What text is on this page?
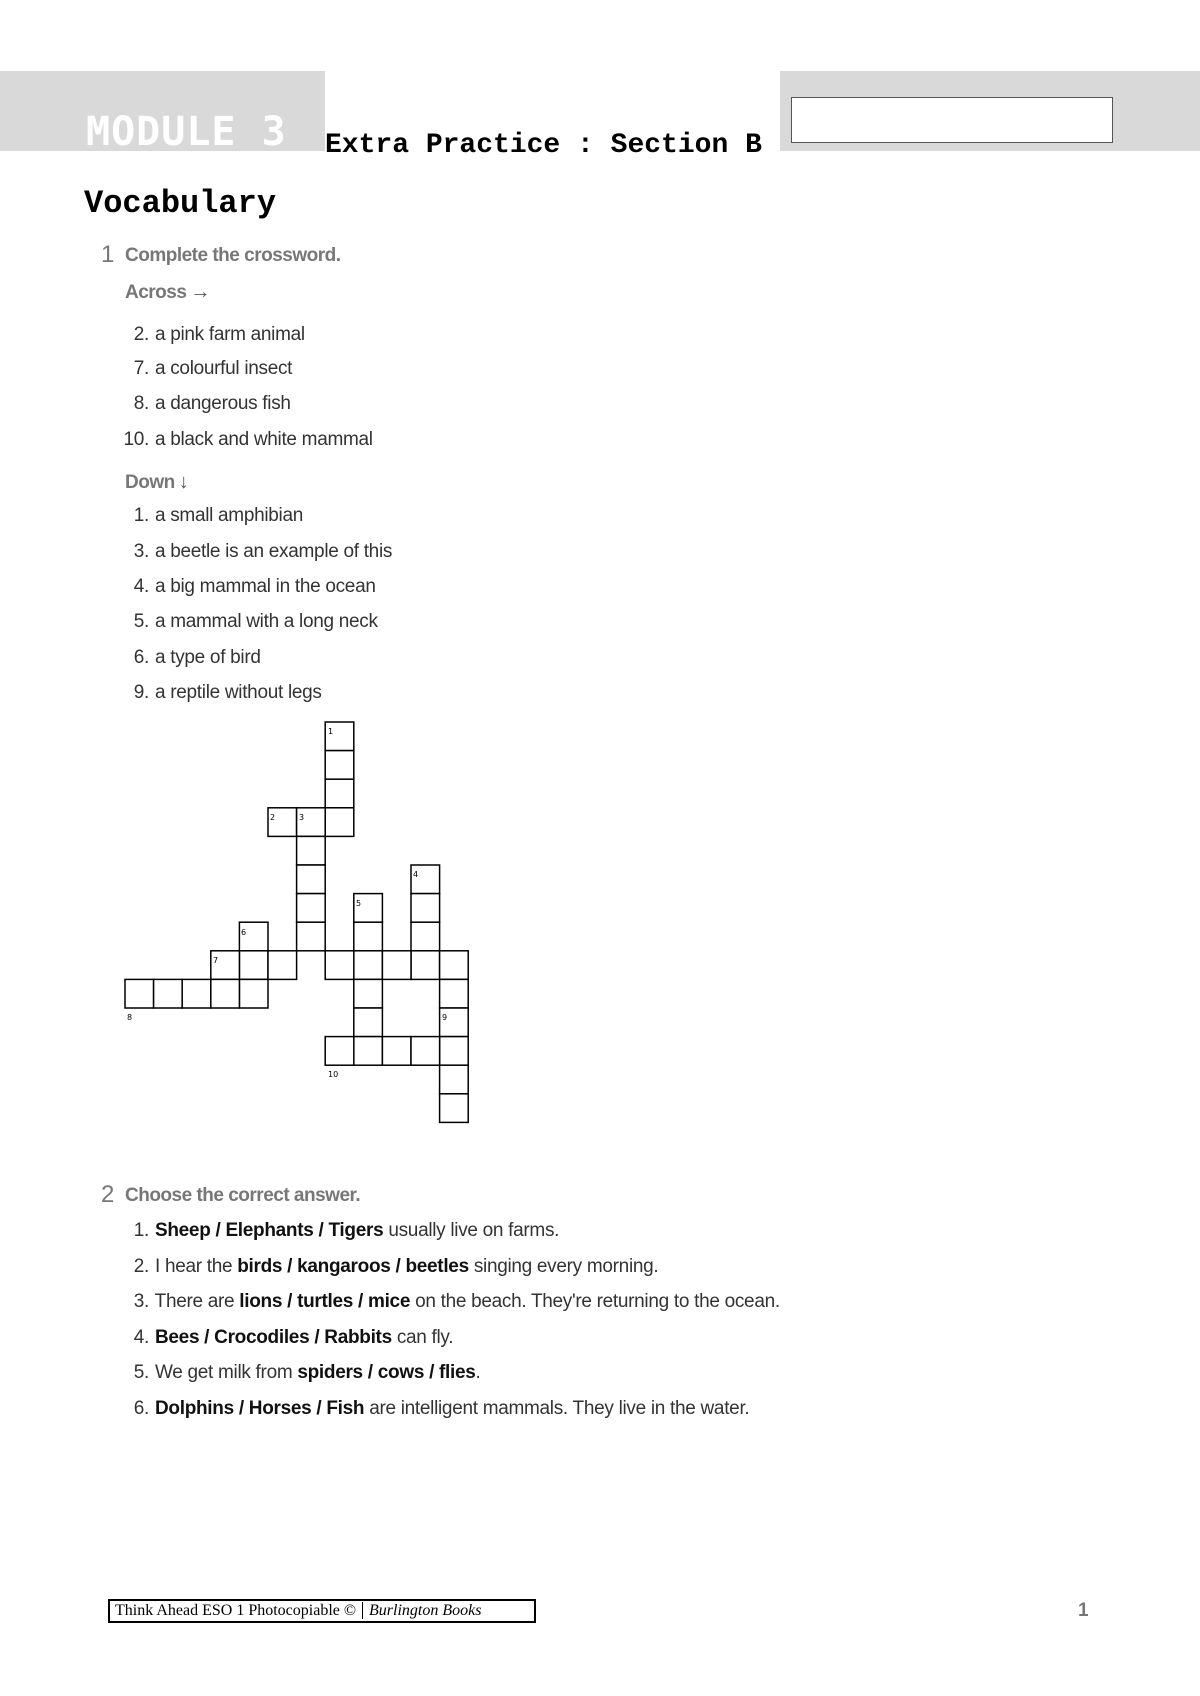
MODULE 3 Extra Practice : Section B
Vocabulary
1 Complete the crossword.
Across →
2. a pink farm animal
7. a colourful insect
8. a dangerous fish
10. a black and white mammal
Down ↓
1. a small amphibian
3. a beetle is an example of this
4. a big mammal in the ocean
5. a mammal with a long neck
6. a type of bird
9. a reptile without legs
1
2	3
4
5
6
7
8	9
10
2 Choose the correct answer.
1. Sheep / Elephants / Tigers usually live on farms.
2. I hear the birds / kangaroos / beetles singing every morning.
3. There are lions / turtles / mice on the beach. They're returning to the ocean.
4. Bees / Crocodiles / Rabbits can fly.
5. We get milk from spiders / cows / flies.
6. Dolphins / Horses / Fish are intelligent mammals. They live in the water.
Think Ahead ESO 1 Photocopiable © Burlington Books	1
